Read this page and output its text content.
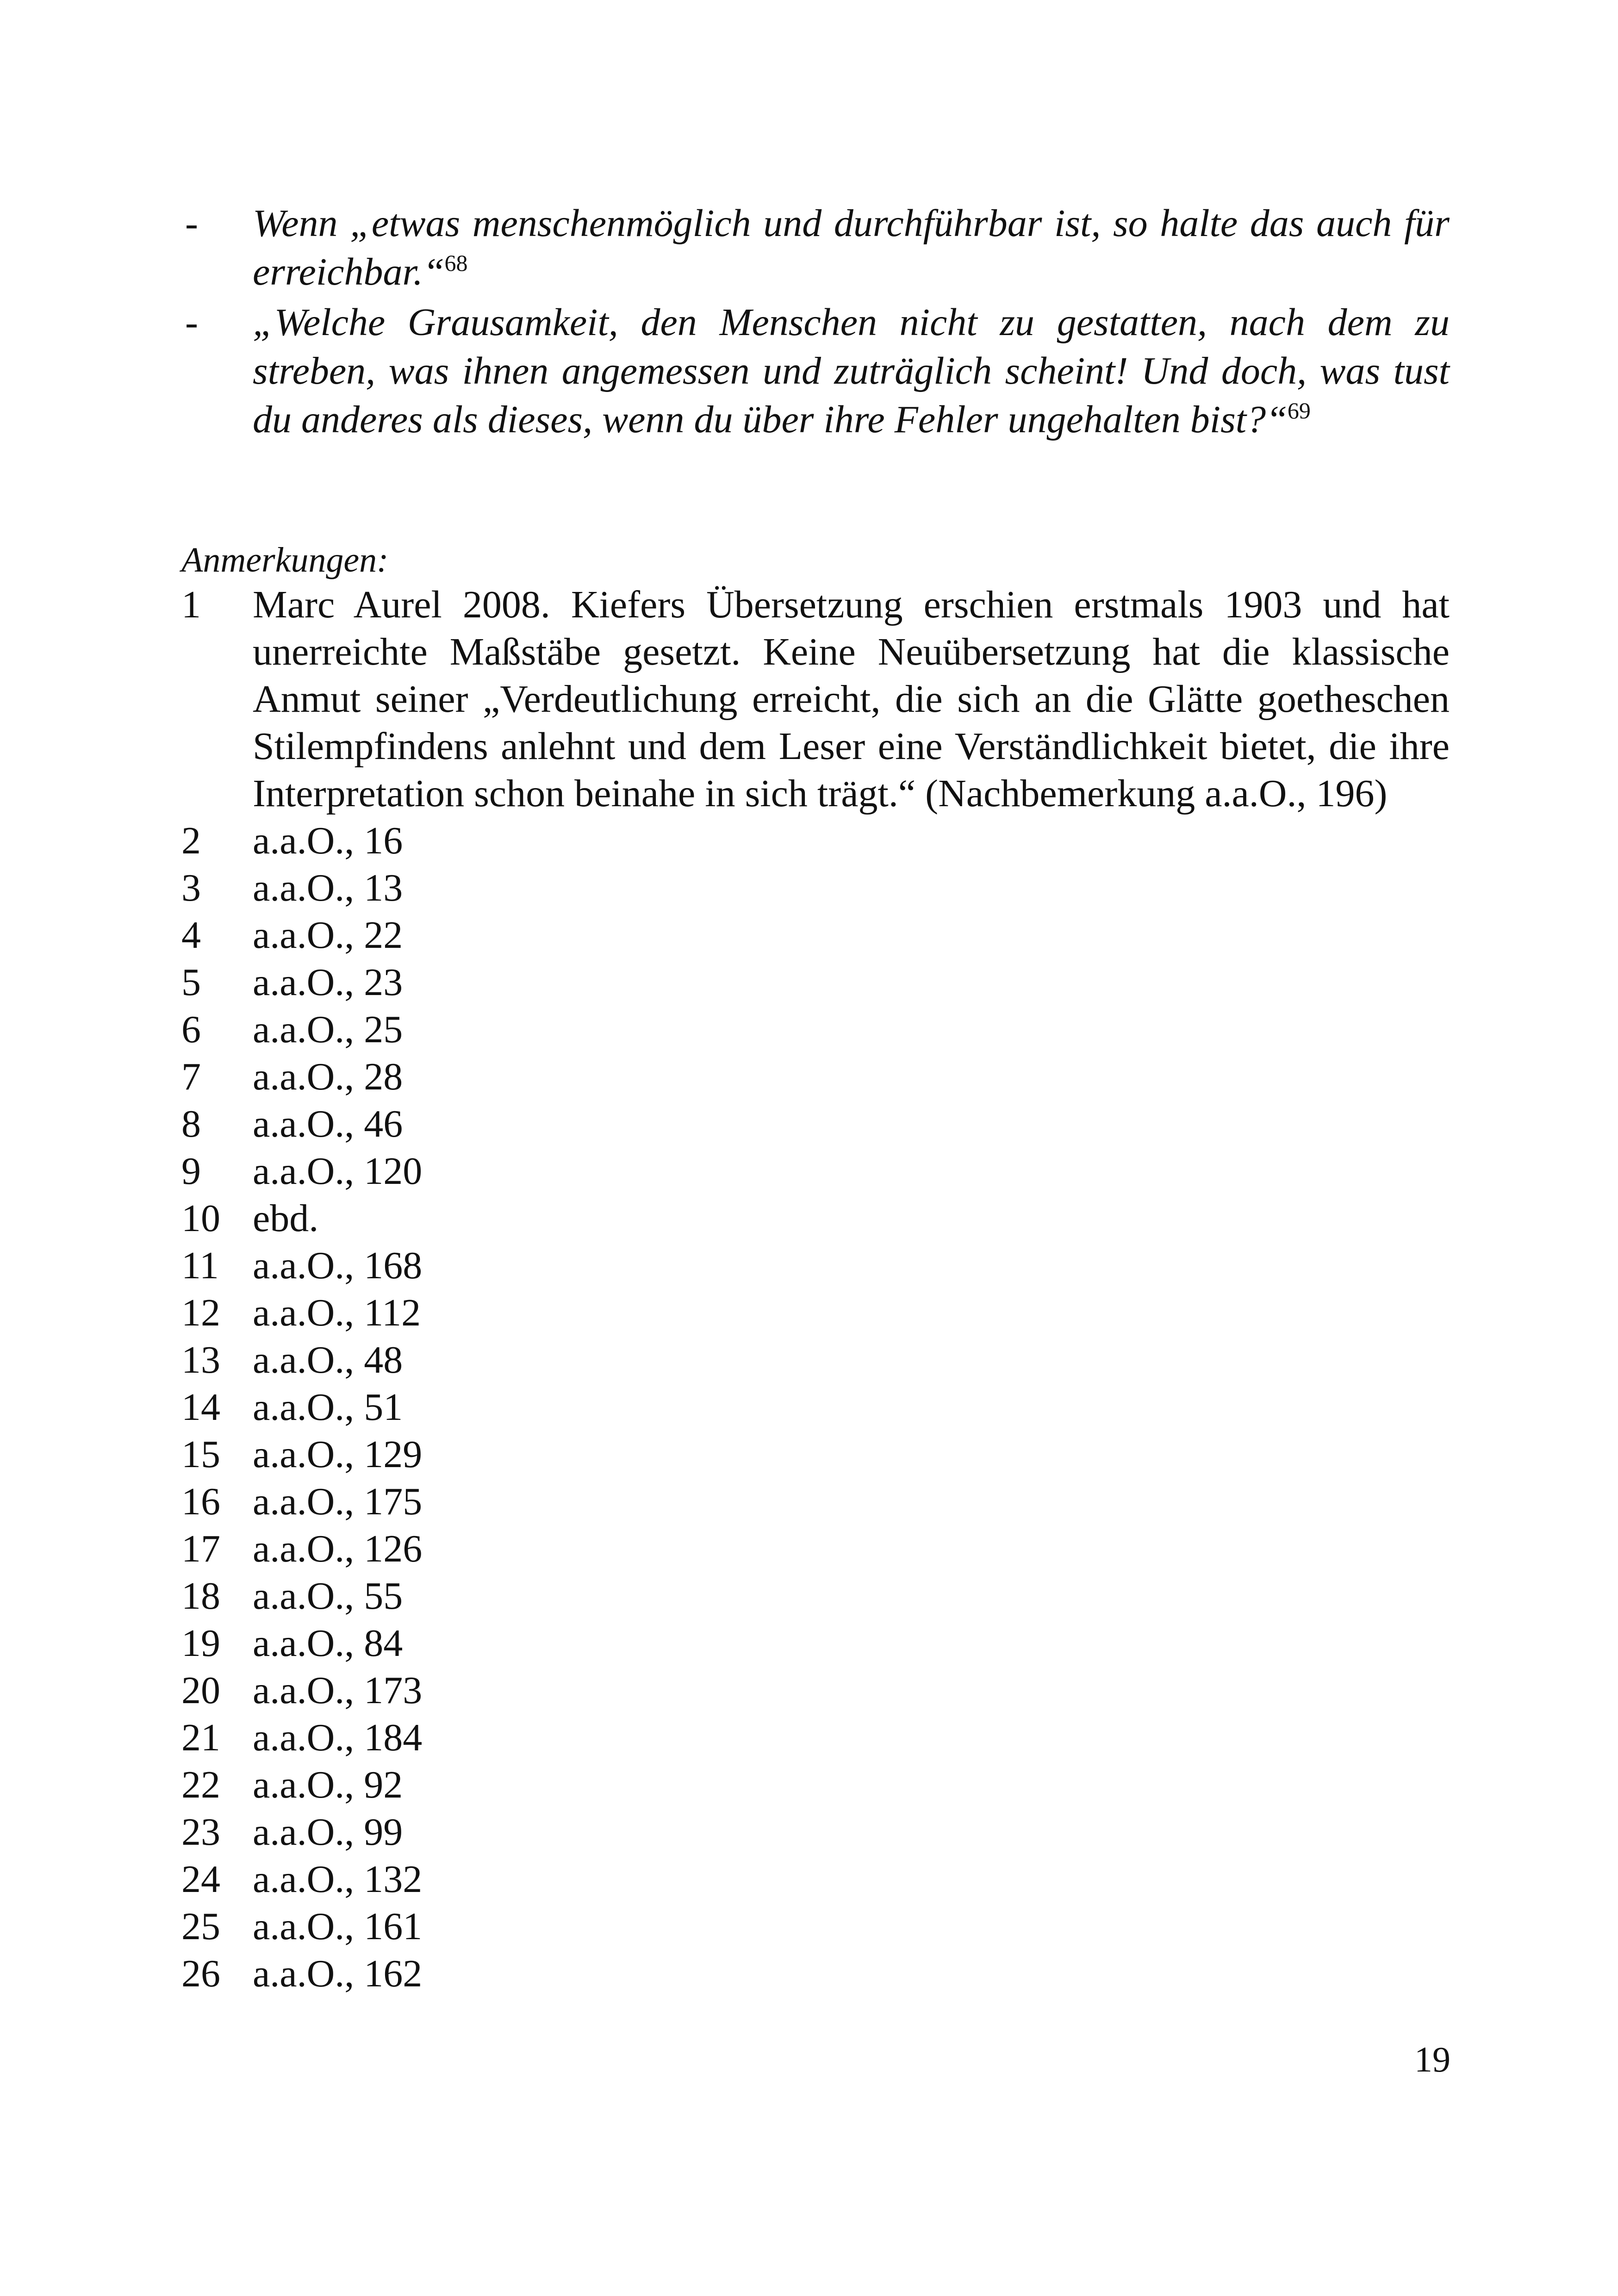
- Wenn „etwas menschenmöglich und durchführbar ist, so halte das auch für erreichbar.“$^{68}$
- „Welche Grausamkeit, den Menschen nicht zu gestatten, nach dem zu streben, was ihnen angemessen und zuträglich scheint! Und doch, was tust du anderes als dieses, wenn du über ihre Fehler ungehalten bist?“$^{69}$
Anmerkungen:
1 Marc Aurel 2008. Kiefers Übersetzung erschien erstmals 1903 und hat unerreichte Maßstäbe gesetzt. Keine Neuübersetzung hat die klassische Anmut seiner „Verdeutlichung erreicht, die sich an die Glätte goetheschen Stilempfindens anlehnt und dem Leser eine Verständlichkeit bietet, die ihre Interpretation schon beinahe in sich trägt.“ (Nachbemerkung a.a.O., 196)
2 a.a.O., 16
3 a.a.O., 13
4 a.a.O., 22
5 a.a.O., 23
6 a.a.O., 25
7 a.a.O., 28
8 a.a.O., 46
9 a.a.O., 120
10 ebd.
11 a.a.O., 168
12 a.a.O., 112
13 a.a.O., 48
14 a.a.O., 51
15 a.a.O., 129
16 a.a.O., 175
17 a.a.O., 126
18 a.a.O., 55
19 a.a.O., 84
20 a.a.O., 173
21 a.a.O., 184
22 a.a.O., 92
23 a.a.O., 99
24 a.a.O., 132
25 a.a.O., 161
26 a.a.O., 162
19
